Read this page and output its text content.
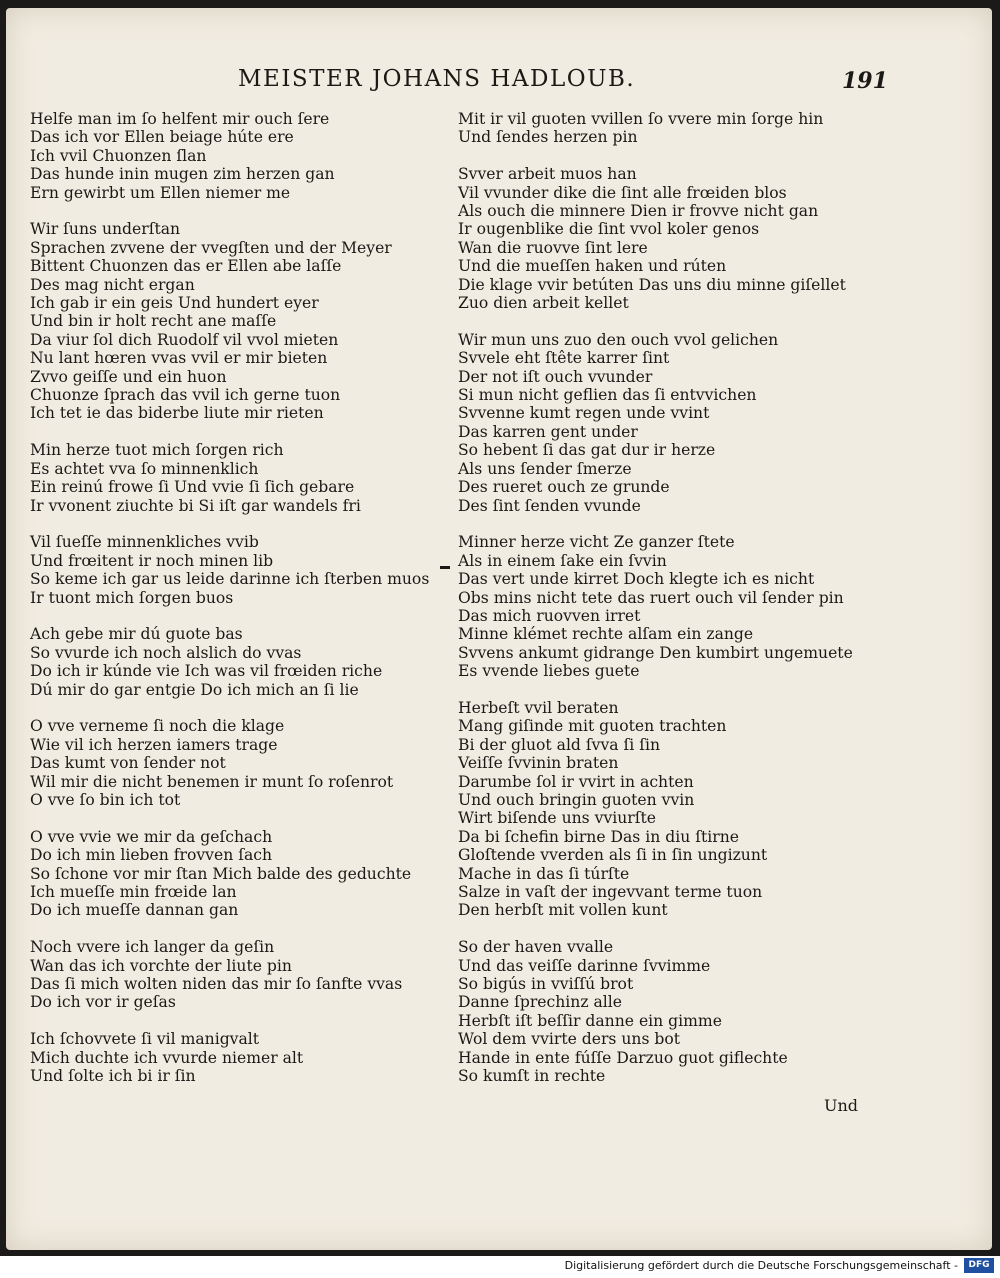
MEISTER JOHANS HADLOUB.	191
Helfe man im ſo helfent mir ouch ſere
Das ich vor Ellen beiage húte ere
Ich vvil Chuonzen ſlan
Das hunde inin mugen zim herzen gan
Ern gewirbt um Ellen niemer me
Wir ſuns underſtan
Sprachen zvvene der vvegſten und der Meyer
Bittent Chuonzen das er Ellen abe laſſe
Des mag nicht ergan
Ich gab ir ein geis Und hundert eyer
Und bin ir holt recht ane maſſe
Da viur ſol dich Ruodolf vil vvol mieten
Nu lant hœren vvas vvil er mir bieten
Zvvo geiſſe und ein huon
Chuonze ſprach das vvil ich gerne tuon
Ich tet ie das biderbe liute mir rieten
Min herze tuot mich ſorgen rich
Es achtet vva ſo minnenklich
Ein reinú frowe ſi Und vvie ſi ſich gebare
Ir vvonent ziuchte bi Si iſt gar wandels fri
Vil ſueſſe minnenkliches vvib
Und frœitent ir noch minen lib
So keme ich gar us leide darinne ich ſterben muos
Ir tuont mich ſorgen buos
Ach gebe mir dú guote bas
So vvurde ich noch alslich do vvas
Do ich ir kúnde vie Ich was vil frœiden riche
Dú mir do gar entgie Do ich mich an ſi lie
O vve verneme ſi noch die klage
Wie vil ich herzen iamers trage
Das kumt von ſender not
Wil mir die nicht benemen ir munt ſo roſenrot
O vve ſo bin ich tot
O vve vvie we mir da geſchach
Do ich min lieben frovven ſach
So ſchone vor mir ſtan Mich balde des geduchte
Ich mueſſe min frœide lan
Do ich mueſſe dannan gan
Noch vvere ich langer da geſin
Wan das ich vorchte der liute pin
Das ſi mich wolten niden das mir ſo ſanfte vvas
Do ich vor ir geſas
Ich ſchovvete ſi vil manigvalt
Mich duchte ich vvurde niemer alt
Und ſolte ich bi ir ſin
Mit ir vil guoten vvillen ſo vvere min ſorge hin
Und ſendes herzen pin
Svver arbeit muos han
Vil vvunder dike die ſint alle frœiden blos
Als ouch die minnere Dien ir frovve nicht gan
Ir ougenblike die ſint vvol koler genos
Wan die ruovve ſint lere
Und die mueſſen haken und rúten
Die klage vvir betúten Das uns diu minne giſellet
Zuo dien arbeit kellet
Wir mun uns zuo den ouch vvol gelichen
Svvele eht ſtête karrer ſint
Der not iſt ouch vvunder
Si mun nicht geflien das ſi entvvichen
Svvenne kumt regen unde vvint
Das karren gent under
So hebent ſi das gat dur ir herze
Als uns ſender ſmerze
Des rueret ouch ze grunde
Des ſint ſenden vvunde
Minner herze vicht Ze ganzer ſtete
Als in einem ſake ein ſvvin
Das vert unde kirret Doch klegte ich es nicht
Obs mins nicht tete das ruert ouch vil ſender pin
Das mich ruovven irret
Minne klémet rechte alſam ein zange
Svvens ankumt gidrange Den kumbirt ungemuete
Es vvende liebes guete
Herbeſt vvil beraten
Mang giſinde mit guoten trachten
Bi der gluot ald ſvva ſi ſin
Veiſſe ſvvinin braten
Darumbe ſol ir vvirt in achten
Und ouch bringin guoten vvin
Wirt biſende uns vviurſte
Da bi ſchefin birne Das in diu ſtirne
Gloſtende vverden als ſi in ſin ungizunt
Mache in das ſi túrſte
Salze in vaſt der ingevvant terme tuon
Den herbſt mit vollen kunt
So der haven vvalle
Und das veiſſe darinne ſvvimme
So bigús in vviſſú brot
Danne ſprechinz alle
Herbſt iſt beſſir danne ein gimme
Wol dem vvirte ders uns bot
Hande in ente fúſſe Darzuo guot giflechte
So kumſt in rechte
Und
Digitalisierung gefördert durch die Deutsche Forschungsgemeinschaft -	DFG
